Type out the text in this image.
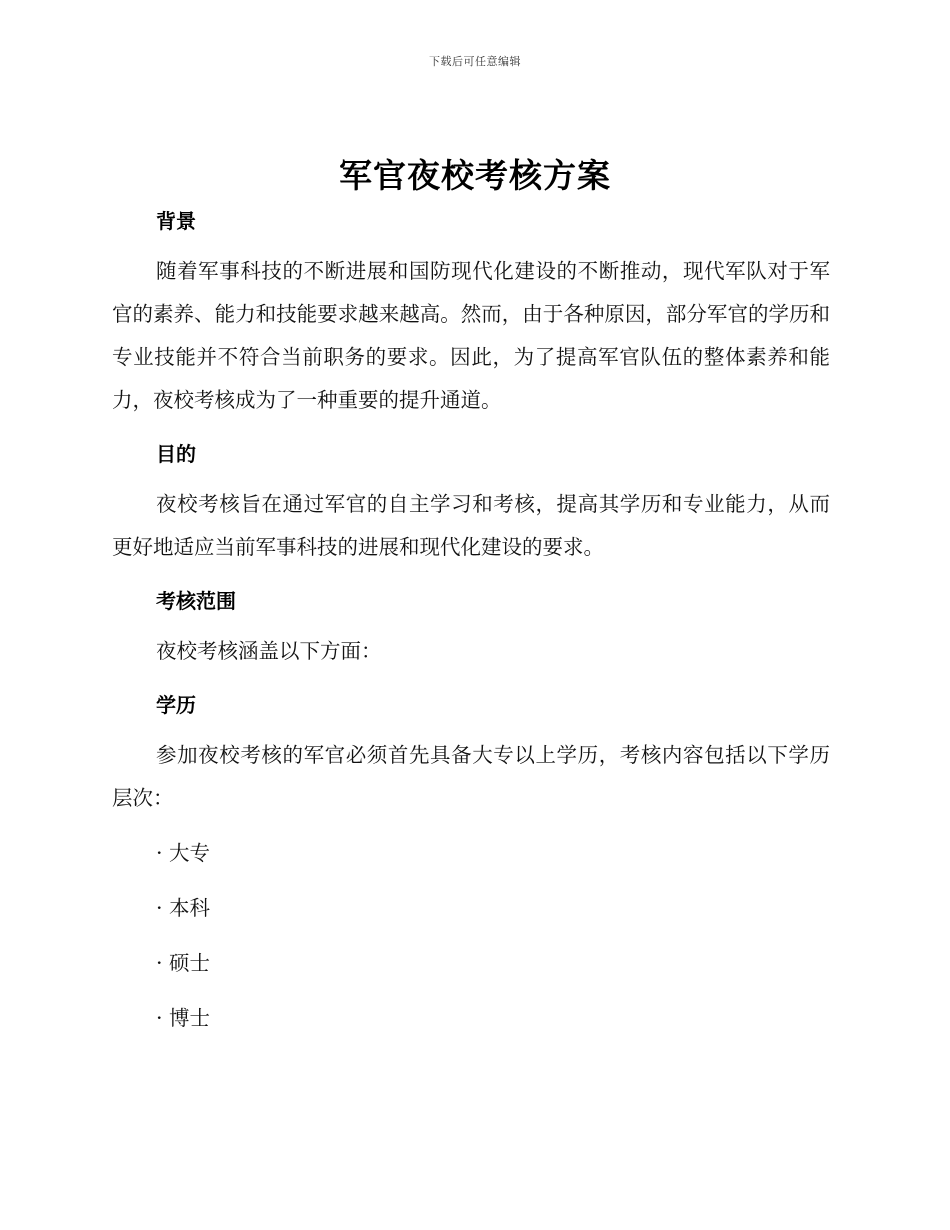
下载后可任意编辑
军官夜校考核方案
背景

随着军事科技的不断进展和国防现代化建设的不断推动，现代军队对于军官的素养、能力和技能要求越来越高。然而，由于各种原因，部分军官的学历和专业技能并不符合当前职务的要求。因此，为了提高军官队伍的整体素养和能力，夜校考核成为了一种重要的提升通道。

目的

夜校考核旨在通过军官的自主学习和考核，提高其学历和专业能力，从而更好地适应当前军事科技的进展和现代化建设的要求。

考核范围

夜校考核涵盖以下方面：

学历

参加夜校考核的军官必须首先具备大专以上学历，考核内容包括以下学历层次：

· 大专

· 本科

· 硕士

· 博士
